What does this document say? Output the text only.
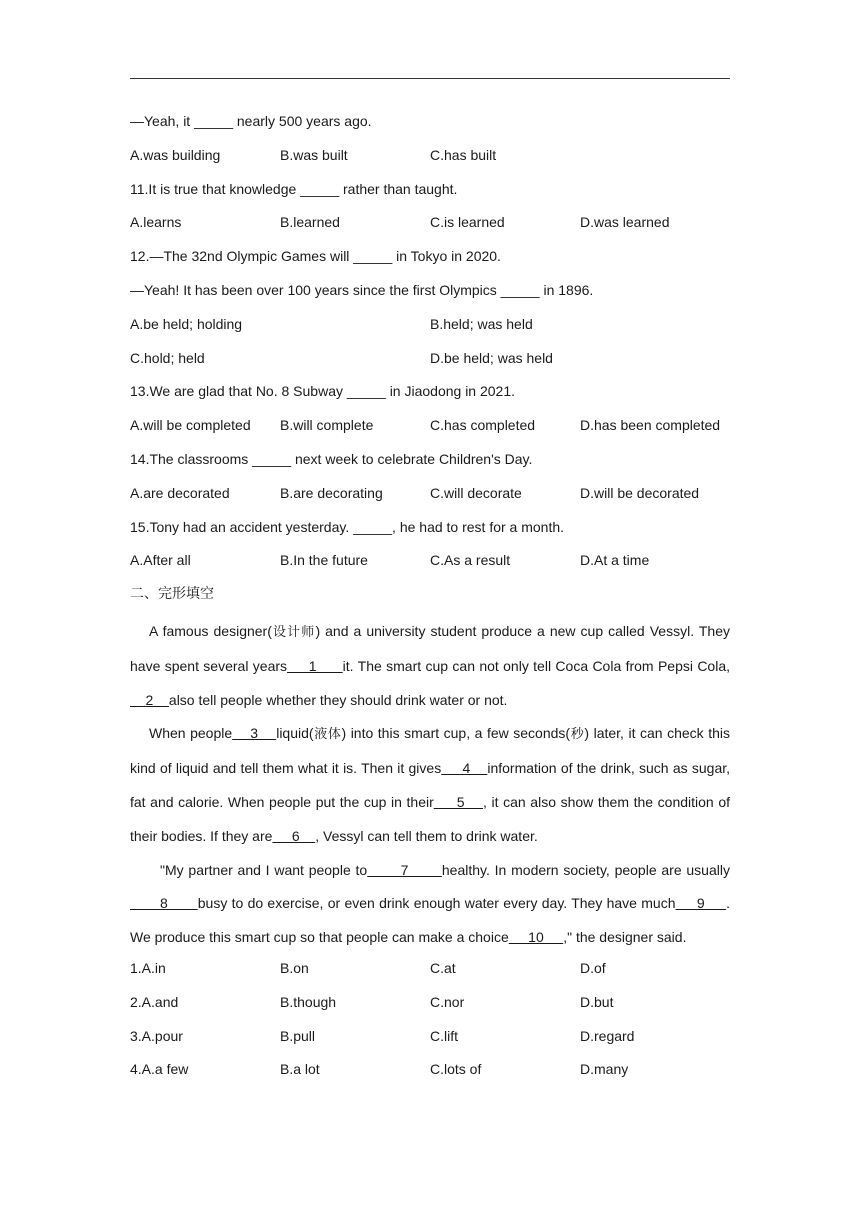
—Yeah, it _____ nearly 500 years ago.
A.was building	B.was built	C.has built
11.It is true that knowledge _____ rather than taught.
A.learns	B.learned	C.is learned	D.was learned
12.—The 32nd Olympic Games will _____ in Tokyo in 2020.
—Yeah! It has been over 100 years since the first Olympics _____ in 1896.
A.be held; holding	B.held; was held
C.hold; held	D.be held; was held
13.We are glad that No. 8 Subway _____ in Jiaodong in 2021.
A.will be completed	B.will complete	C.has completed	D.has been completed
14.The classrooms _____ next week to celebrate Children's Day.
A.are decorated	B.are decorating	C.will decorate	D.will be decorated
15.Tony had an accident yesterday. _____, he had to rest for a month.
A.After all	B.In the future	C.As a result	D.At a time
二、完形填空

A famous designer(设计师) and a university student produce a new cup called Vessyl. They have spent several years     1      it. The smart cup can not only tell Coca Cola from Pepsi Cola,     2    also tell people whether they should drink water or not.

When people    3    liquid(液体) into this smart cup, a few seconds(秒) later, it can check this kind of liquid and tell them what it is. Then it gives     4    information of the drink, such as sugar, fat and calorie. When people put the cup in their     5    , it can also show them the condition of their bodies. If they are     6    , Vessyl can tell them to drink water.

"My partner and I want people to       7       healthy. In modern society, people are usually       8       busy to do exercise, or even drink enough water every day. They have much     9     . We produce this smart cup so that people can make a choice     10     ," the designer said.

1.A.in	B.on	C.at	D.of
2.A.and	B.though	C.nor	D.but
3.A.pour	B.pull	C.lift	D.regard
4.A.a few	B.a lot	C.lots of	D.many
